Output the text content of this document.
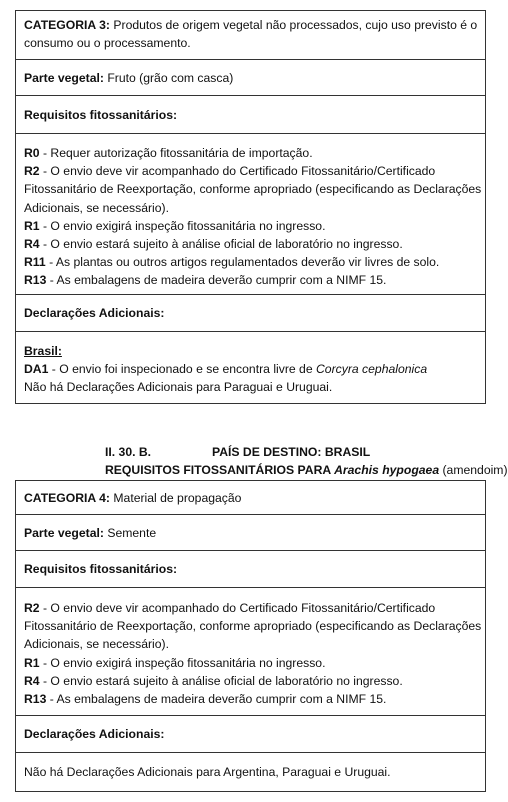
CATEGORIA 3: Produtos de origem vegetal não processados, cujo uso previsto é o
consumo ou o processamento.
Parte vegetal: Fruto (grão com casca)
Requisitos fitossanitários:
R0 - Requer autorização fitossanitária de importação.
R2 - O envio deve vir acompanhado do Certificado Fitossanitário/Certificado
Fitossanitário de Reexportação, conforme apropriado (especificando as Declarações
Adicionais, se necessário).
R1 - O envio exigirá inspeção fitossanitária no ingresso.
R4 - O envio estará sujeito à análise oficial de laboratório no ingresso.
R11 - As plantas ou outros artigos regulamentados deverão vir livres de solo.
R13 - As embalagens de madeira deverão cumprir com a NIMF 15.
Declarações Adicionais:
Brasil:
DA1 - O envio foi inspecionado e se encontra livre de Corcyra cephalonica
Não há Declarações Adicionais para Paraguai e Uruguai.
II. 30. B.	PAÍS DE DESTINO: BRASIL
REQUISITOS FITOSSANITÁRIOS PARA Arachis hypogaea (amendoim)
CATEGORIA 4: Material de propagação
Parte vegetal: Semente
Requisitos fitossanitários:
R2 - O envio deve vir acompanhado do Certificado Fitossanitário/Certificado
Fitossanitário de Reexportação, conforme apropriado (especificando as Declarações
Adicionais, se necessário).
R1 - O envio exigirá inspeção fitossanitária no ingresso.
R4 - O envio estará sujeito à análise oficial de laboratório no ingresso.
R13 - As embalagens de madeira deverão cumprir com a NIMF 15.
Declarações Adicionais:
Não há Declarações Adicionais para Argentina, Paraguai e Uruguai.
